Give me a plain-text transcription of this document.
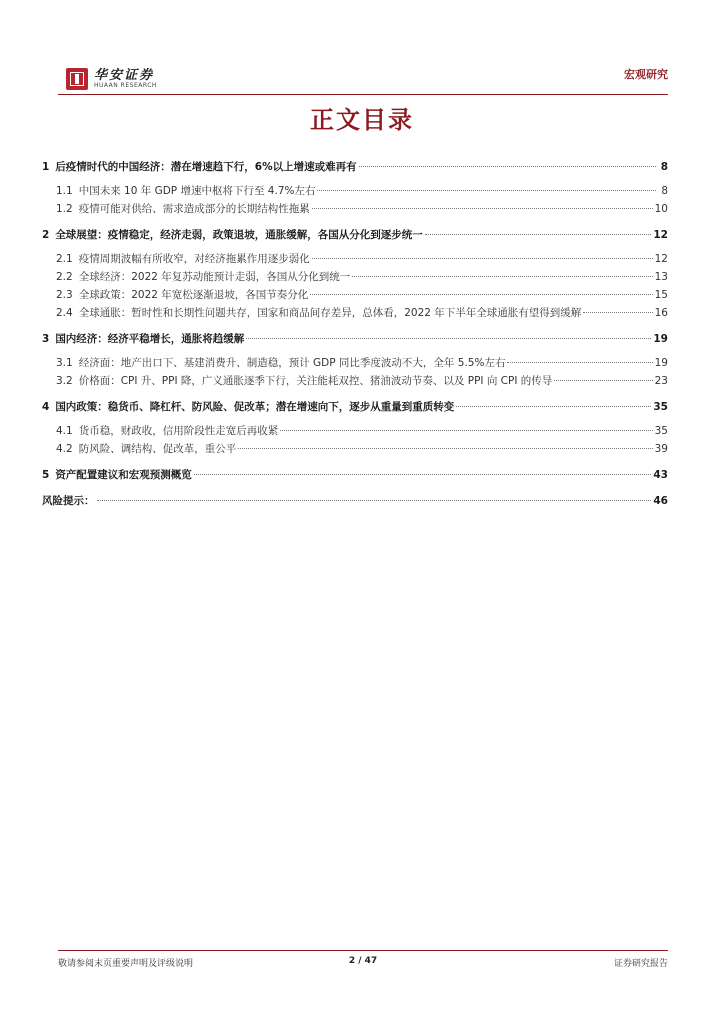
华安证券
HUAAN RESEARCH
宏观研究
正文目录
1 后疫情时代的中国经济：潜在增速趋下行，6%以上增速或难再有	8
1.1 中国未来 10 年 GDP 增速中枢将下行至 4.7%左右	8
1.2 疫情可能对供给、需求造成部分的长期结构性拖累	10
2 全球展望：疫情稳定，经济走弱，政策退坡，通胀缓解，各国从分化到逐步统一	12
2.1 疫情周期波幅有所收窄，对经济拖累作用逐步弱化	12
2.2 全球经济：2022 年复苏动能预计走弱，各国从分化到统一	13
2.3 全球政策：2022 年宽松逐渐退坡，各国节奏分化	15
2.4 全球通胀：暂时性和长期性问题共存，国家和商品间存差异，总体看，2022 年下半年全球通胀有望得到缓解	16
3 国内经济：经济平稳增长，通胀将趋缓解	19
3.1 经济面：地产出口下、基建消费升、制造稳，预计 GDP 同比季度波动不大，全年 5.5%左右	19
3.2 价格面：CPI 升、PPI 降，广义通胀逐季下行，关注能耗双控、猪油波动节奏、以及 PPI 向 CPI 的传导	23
4 国内政策：稳货币、降杠杆、防风险、促改革；潜在增速向下，逐步从重量到重质转变	35
4.1 货币稳，财政收，信用阶段性走宽后再收紧	35
4.2 防风险、调结构、促改革，重公平	39
5 资产配置建议和宏观预测概览	43
风险提示：	46
敬请参阅末页重要声明及评级说明	2 / 47	证券研究报告
